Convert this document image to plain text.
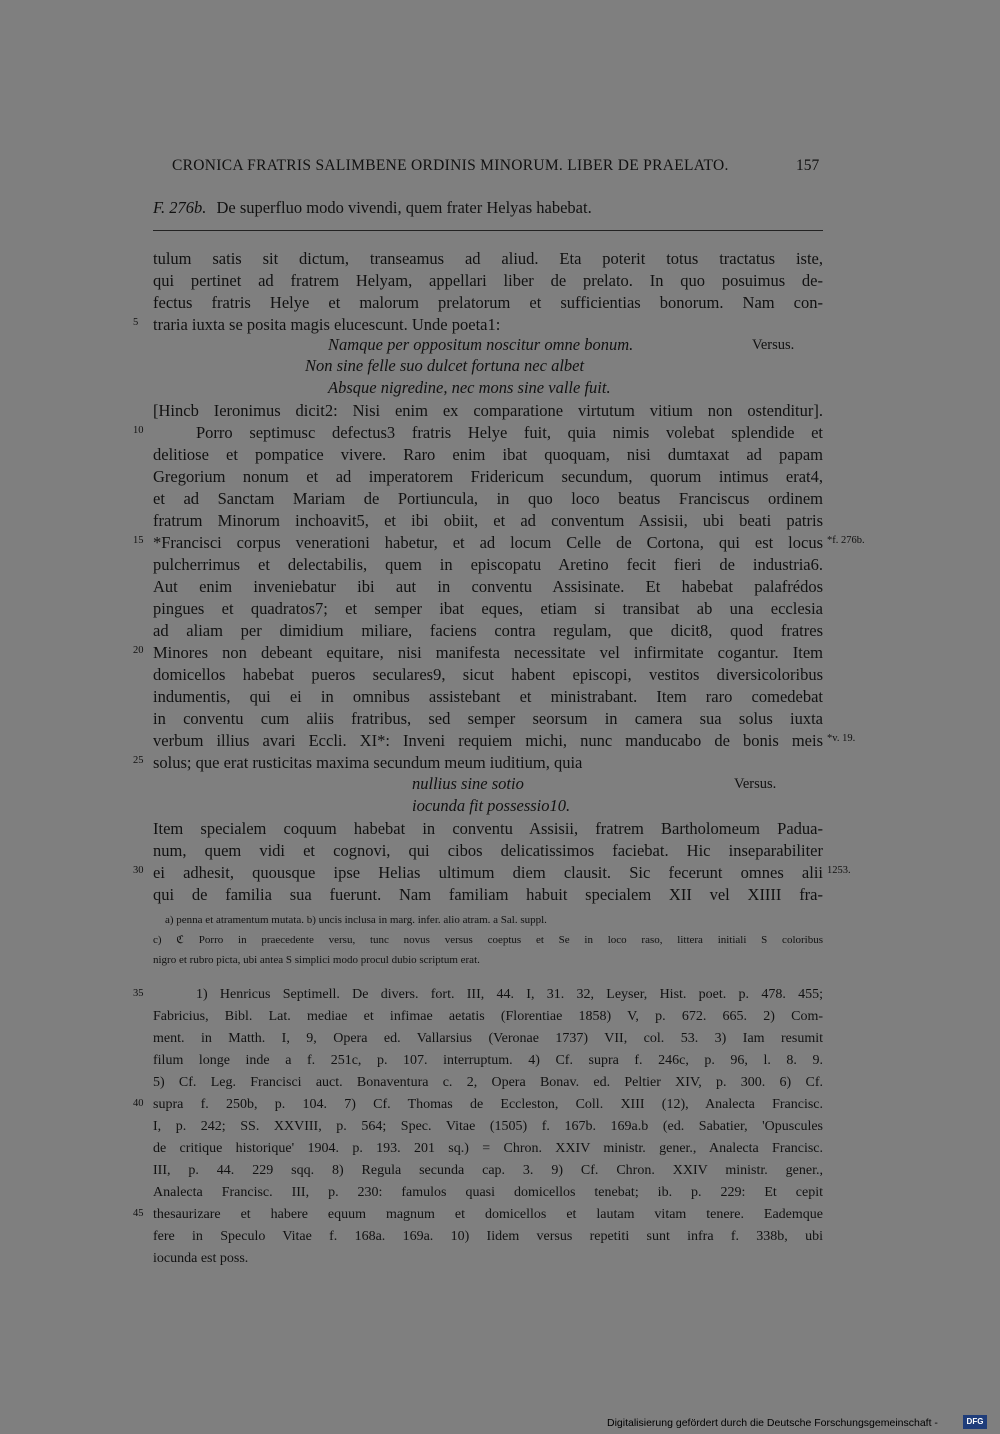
CRONICA FRATRIS SALIMBENE ORDINIS MINORUM. LIBER DE PRAELATO.	157
F. 276b. De superfluo modo vivendi, quem frater Helyas habebat.
tulum satis sit dictum, transeamus ad aliud. Eta poterit totus tractatus iste,
qui pertinet ad fratrem Helyam, appellari liber de prelato. In quo posuimus de-
fectus fratris Helye et malorum prelatorum et sufficientias bonorum. Nam con-
5 traria iuxta se posita magis elucescunt. Unde poeta1:
Namque per oppositum noscitur omne bonum.	Versus.
Non sine felle suo dulcet fortuna nec albet
Absque nigredine, nec mons sine valle fuit.
[Hincb Ieronimus dicit2: Nisi enim ex comparatione virtutum vitium non ostenditur].
10	Porro septimusc defectus3 fratris Helye fuit, quia nimis volebat splendide et
delitiose et pompatice vivere. Raro enim ibat quoquam, nisi dumtaxat ad papam
Gregorium nonum et ad imperatorem Fridericum secundum, quorum intimus erat4,
et ad Sanctam Mariam de Portiuncula, in quo loco beatus Franciscus ordinem
fratrum Minorum inchoavit5, et ibi obiit, et ad conventum Assisii, ubi beati patris
15 *Francisci corpus venerationi habetur, et ad locum Celle de Cortona, qui est locus *f. 276b.
pulcherrimus et delectabilis, quem in episcopatu Aretino fecit fieri de industria6.
Aut enim inveniebatur ibi aut in conventu Assisinate. Et habebat palafrédos
pingues et quadratos7; et semper ibat eques, etiam si transibat ab una ecclesia
ad aliam per dimidium miliare, faciens contra regulam, que dicit8, quod fratres
20 Minores non debeant equitare, nisi manifesta necessitate vel infirmitate cogantur. Item
domicellos habebat pueros seculares9, sicut habent episcopi, vestitos diversicoloribus
indumentis, qui ei in omnibus assistebant et ministrabant. Item raro comedebat
in conventu cum aliis fratribus, sed semper seorsum in camera sua solus iuxta
verbum illius avari Eccli. XI*: Inveni requiem michi, nunc manducabo de bonis meis *v. 19.
25 solus; que erat rusticitas maxima secundum meum iuditium, quia
nullius sine sotio	Versus.
iocunda fit possessio10.
Item specialem coquum habebat in conventu Assisii, fratrem Bartholomeum Padua-
num, quem vidi et cognovi, qui cibos delicatissimos faciebat. Hic inseparabiliter
30 ei adhesit, quousque ipse Helias ultimum diem clausit. Sic fecerunt omnes alii 1253.
qui de familia sua fuerunt. Nam familiam habuit specialem XII vel XIIII fra-
a) penna et atramentum mutata. b) uncis inclusa in marg. infer. alio atram. a Sal. suppl.
c) ℭ Porro in praecedente versu, tunc novus versus coeptus et Se in loco raso, littera initiali S coloribus
nigro et rubro picta, ubi antea S simplici modo procul dubio scriptum erat.
35	1) Henricus Septimell. De divers. fort. III, 44. I, 31. 32, Leyser, Hist. poet. p. 478. 455;
Fabricius, Bibl. Lat. mediae et infimae aetatis (Florentiae 1858) V, p. 672. 665. 2) Com-
ment. in Matth. I, 9, Opera ed. Vallarsius (Veronae 1737) VII, col. 53. 3) Iam resumit
filum longe inde a f. 251c, p. 107. interruptum. 4) Cf. supra f. 246c, p. 96, l. 8. 9.
5) Cf. Leg. Francisci auct. Bonaventura c. 2, Opera Bonav. ed. Peltier XIV, p. 300. 6) Cf.
40 supra f. 250b, p. 104. 7) Cf. Thomas de Eccleston, Coll. XIII (12), Analecta Francisc.
I, p. 242; SS. XXVIII, p. 564; Spec. Vitae (1505) f. 167b. 169a.b (ed. Sabatier, 'Opuscules
de critique historique' 1904. p. 193. 201 sq.) = Chron. XXIV ministr. gener., Analecta Francisc.
III, p. 44. 229 sqq. 8) Regula secunda cap. 3. 9) Cf. Chron. XXIV ministr. gener.,
Analecta Francisc. III, p. 230: famulos quasi domicellos tenebat; ib. p. 229: Et cepit
45 thesaurizare et habere equum magnum et domicellos et lautam vitam tenere. Eademque
fere in Speculo Vitae f. 168a. 169a. 10) Iidem versus repetiti sunt infra f. 338b, ubi
iocunda est poss.
Digitalisierung gefördert durch die Deutsche Forschungsgemeinschaft -	DFG
